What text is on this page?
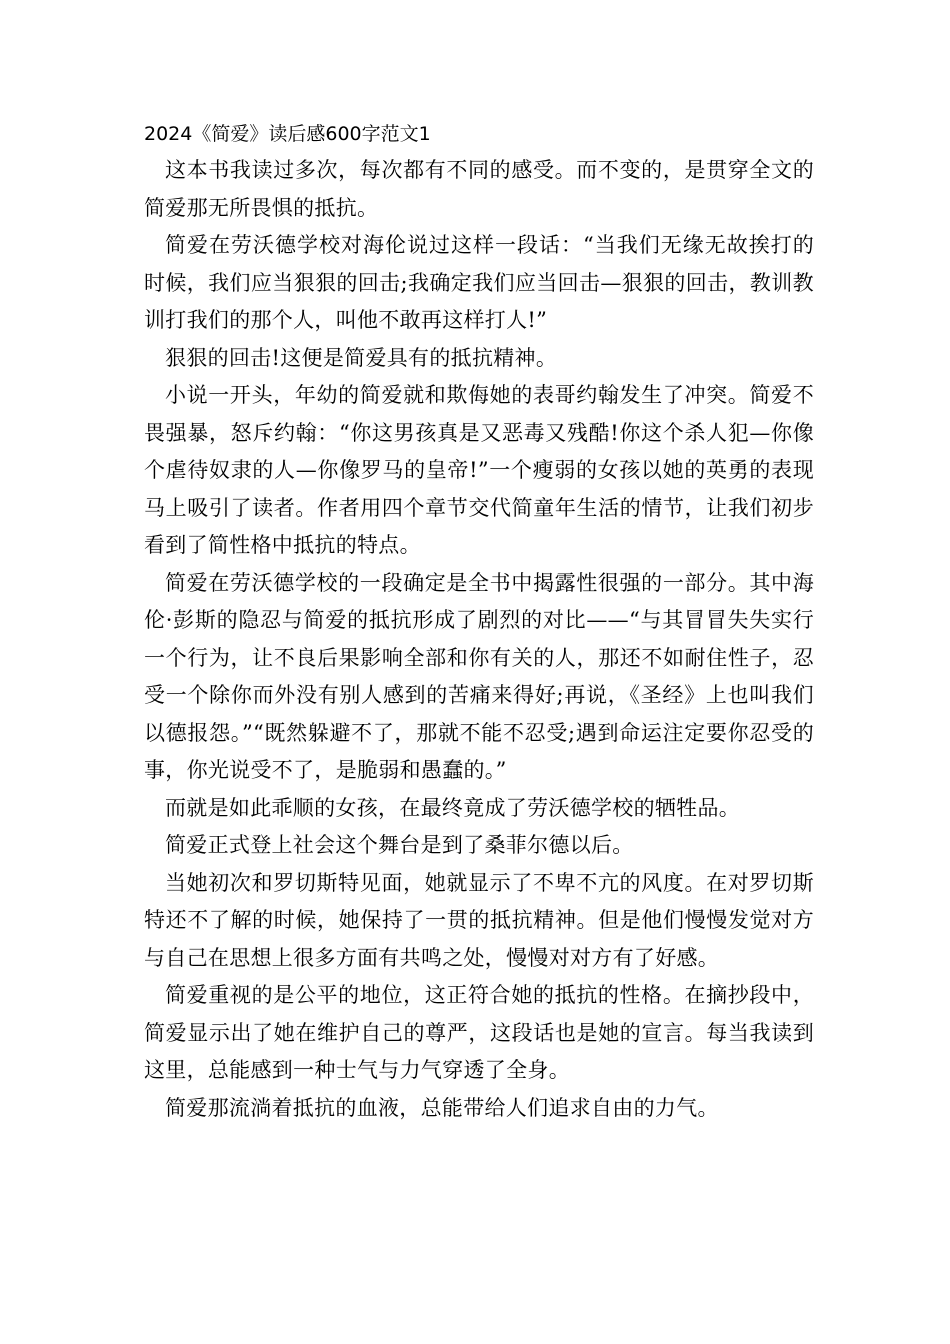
2024《简爱》读后感600字范文1

这本书我读过多次，每次都有不同的感受。而不变的，是贯穿全文的简爱那无所畏惧的抵抗。

简爱在劳沃德学校对海伦说过这样一段话：“当我们无缘无故挨打的时候，我们应当狠狠的回击;我确定我们应当回击—狠狠的回击，教训教训打我们的那个人，叫他不敢再这样打人!”

狠狠的回击!这便是简爱具有的抵抗精神。

小说一开头，年幼的简爱就和欺侮她的表哥约翰发生了冲突。简爱不畏强暴，怒斥约翰：“你这男孩真是又恶毒又残酷!你这个杀人犯—你像个虐待奴隶的人—你像罗马的皇帝!”一个瘦弱的女孩以她的英勇的表现马上吸引了读者。作者用四个章节交代简童年生活的情节，让我们初步看到了简性格中抵抗的特点。

简爱在劳沃德学校的一段确定是全书中揭露性很强的一部分。其中海伦·彭斯的隐忍与简爱的抵抗形成了剧烈的对比——“与其冒冒失失实行一个行为，让不良后果影响全部和你有关的人，那还不如耐住性子，忍受一个除你而外没有别人感到的苦痛来得好;再说，《圣经》上也叫我们以德报怨。”“既然躲避不了，那就不能不忍受;遇到命运注定要你忍受的事，你光说受不了，是脆弱和愚蠢的。”

而就是如此乖顺的女孩，在最终竟成了劳沃德学校的牺牲品。

简爱正式登上社会这个舞台是到了桑菲尔德以后。

当她初次和罗切斯特见面，她就显示了不卑不亢的风度。在对罗切斯特还不了解的时候，她保持了一贯的抵抗精神。但是他们慢慢发觉对方与自己在思想上很多方面有共鸣之处，慢慢对对方有了好感。

简爱重视的是公平的地位，这正符合她的抵抗的性格。在摘抄段中，简爱显示出了她在维护自己的尊严，这段话也是她的宣言。每当我读到这里，总能感到一种士气与力气穿透了全身。

简爱那流淌着抵抗的血液，总能带给人们追求自由的力气。
